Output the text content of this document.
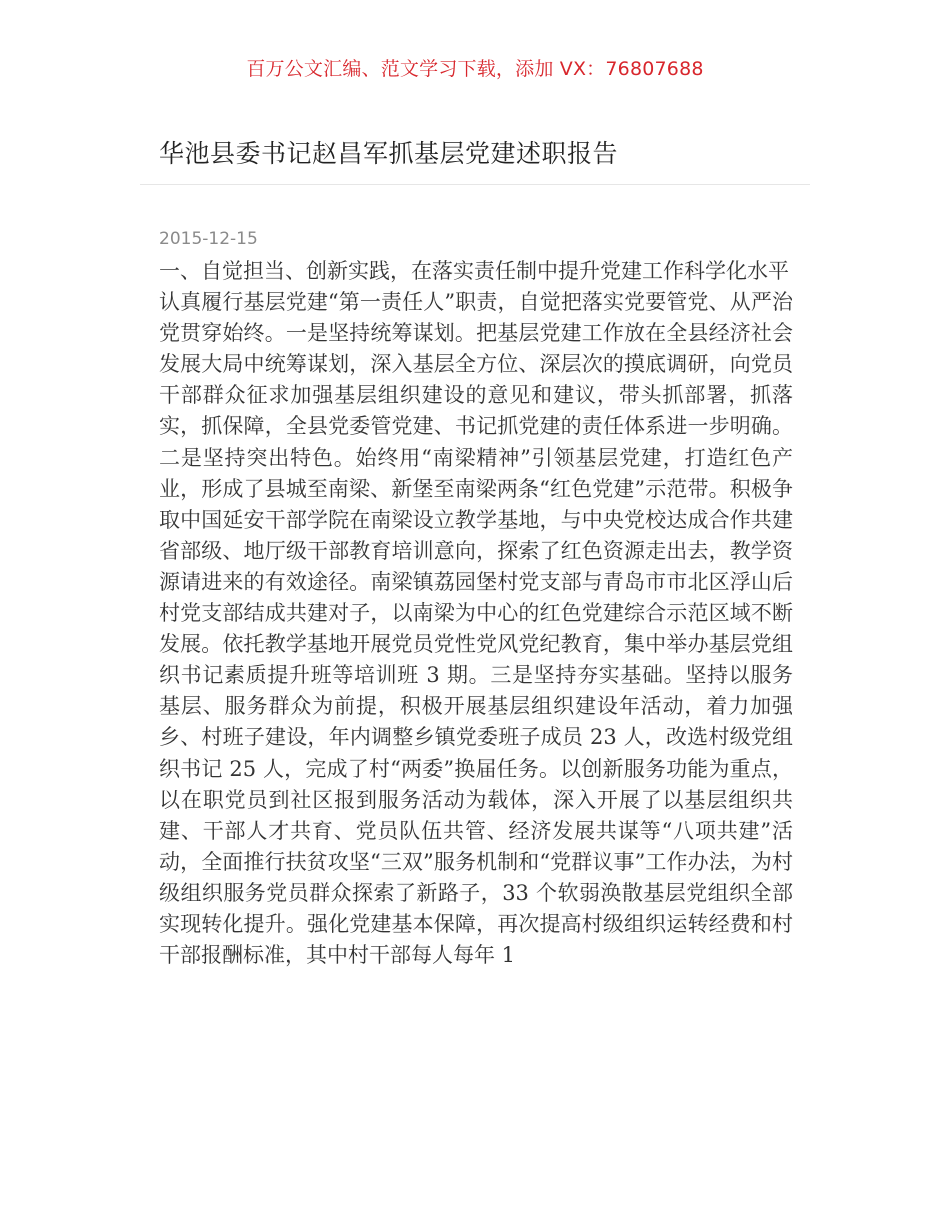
百万公文汇编、范文学习下载，添加 VX：76807688
华池县委书记赵昌军抓基层党建述职报告
2015-12-15

一、自觉担当、创新实践，在落实责任制中提升党建工作科学化水平

认真履行基层党建“第一责任人”职责，自觉把落实党要管党、从严治党贯穿始终。一是坚持统筹谋划。把基层党建工作放在全县经济社会发展大局中统筹谋划，深入基层全方位、深层次的摸底调研，向党员干部群众征求加强基层组织建设的意见和建议，带头抓部署，抓落实，抓保障，全县党委管党建、书记抓党建的责任体系进一步明确。二是坚持突出特色。始终用“南梁精神”引领基层党建，打造红色产业，形成了县城至南梁、新堡至南梁两条“红色党建”示范带。积极争取中国延安干部学院在南梁设立教学基地，与中央党校达成合作共建省部级、地厅级干部教育培训意向，探索了红色资源走出去，教学资源请进来的有效途径。南梁镇荔园堡村党支部与青岛市市北区浮山后村党支部结成共建对子，以南梁为中心的红色党建综合示范区域不断发展。依托教学基地开展党员党性党风党纪教育，集中举办基层党组织书记素质提升班等培训班 3 期。三是坚持夯实基础。坚持以服务基层、服务群众为前提，积极开展基层组织建设年活动，着力加强乡、村班子建设，年内调整乡镇党委班子成员 23 人，改选村级党组织书记 25 人，完成了村“两委”换届任务。以创新服务功能为重点，以在职党员到社区报到服务活动为载体，深入开展了以基层组织共建、干部人才共育、党员队伍共管、经济发展共谋等“八项共建”活动，全面推行扶贫攻坚“三双”服务机制和“党群议事”工作办法，为村级组织服务党员群众探索了新路子，33 个软弱涣散基层党组织全部实现转化提升。强化党建基本保障，再次提高村级组织运转经费和村干部报酬标准，其中村干部每人每年 1
